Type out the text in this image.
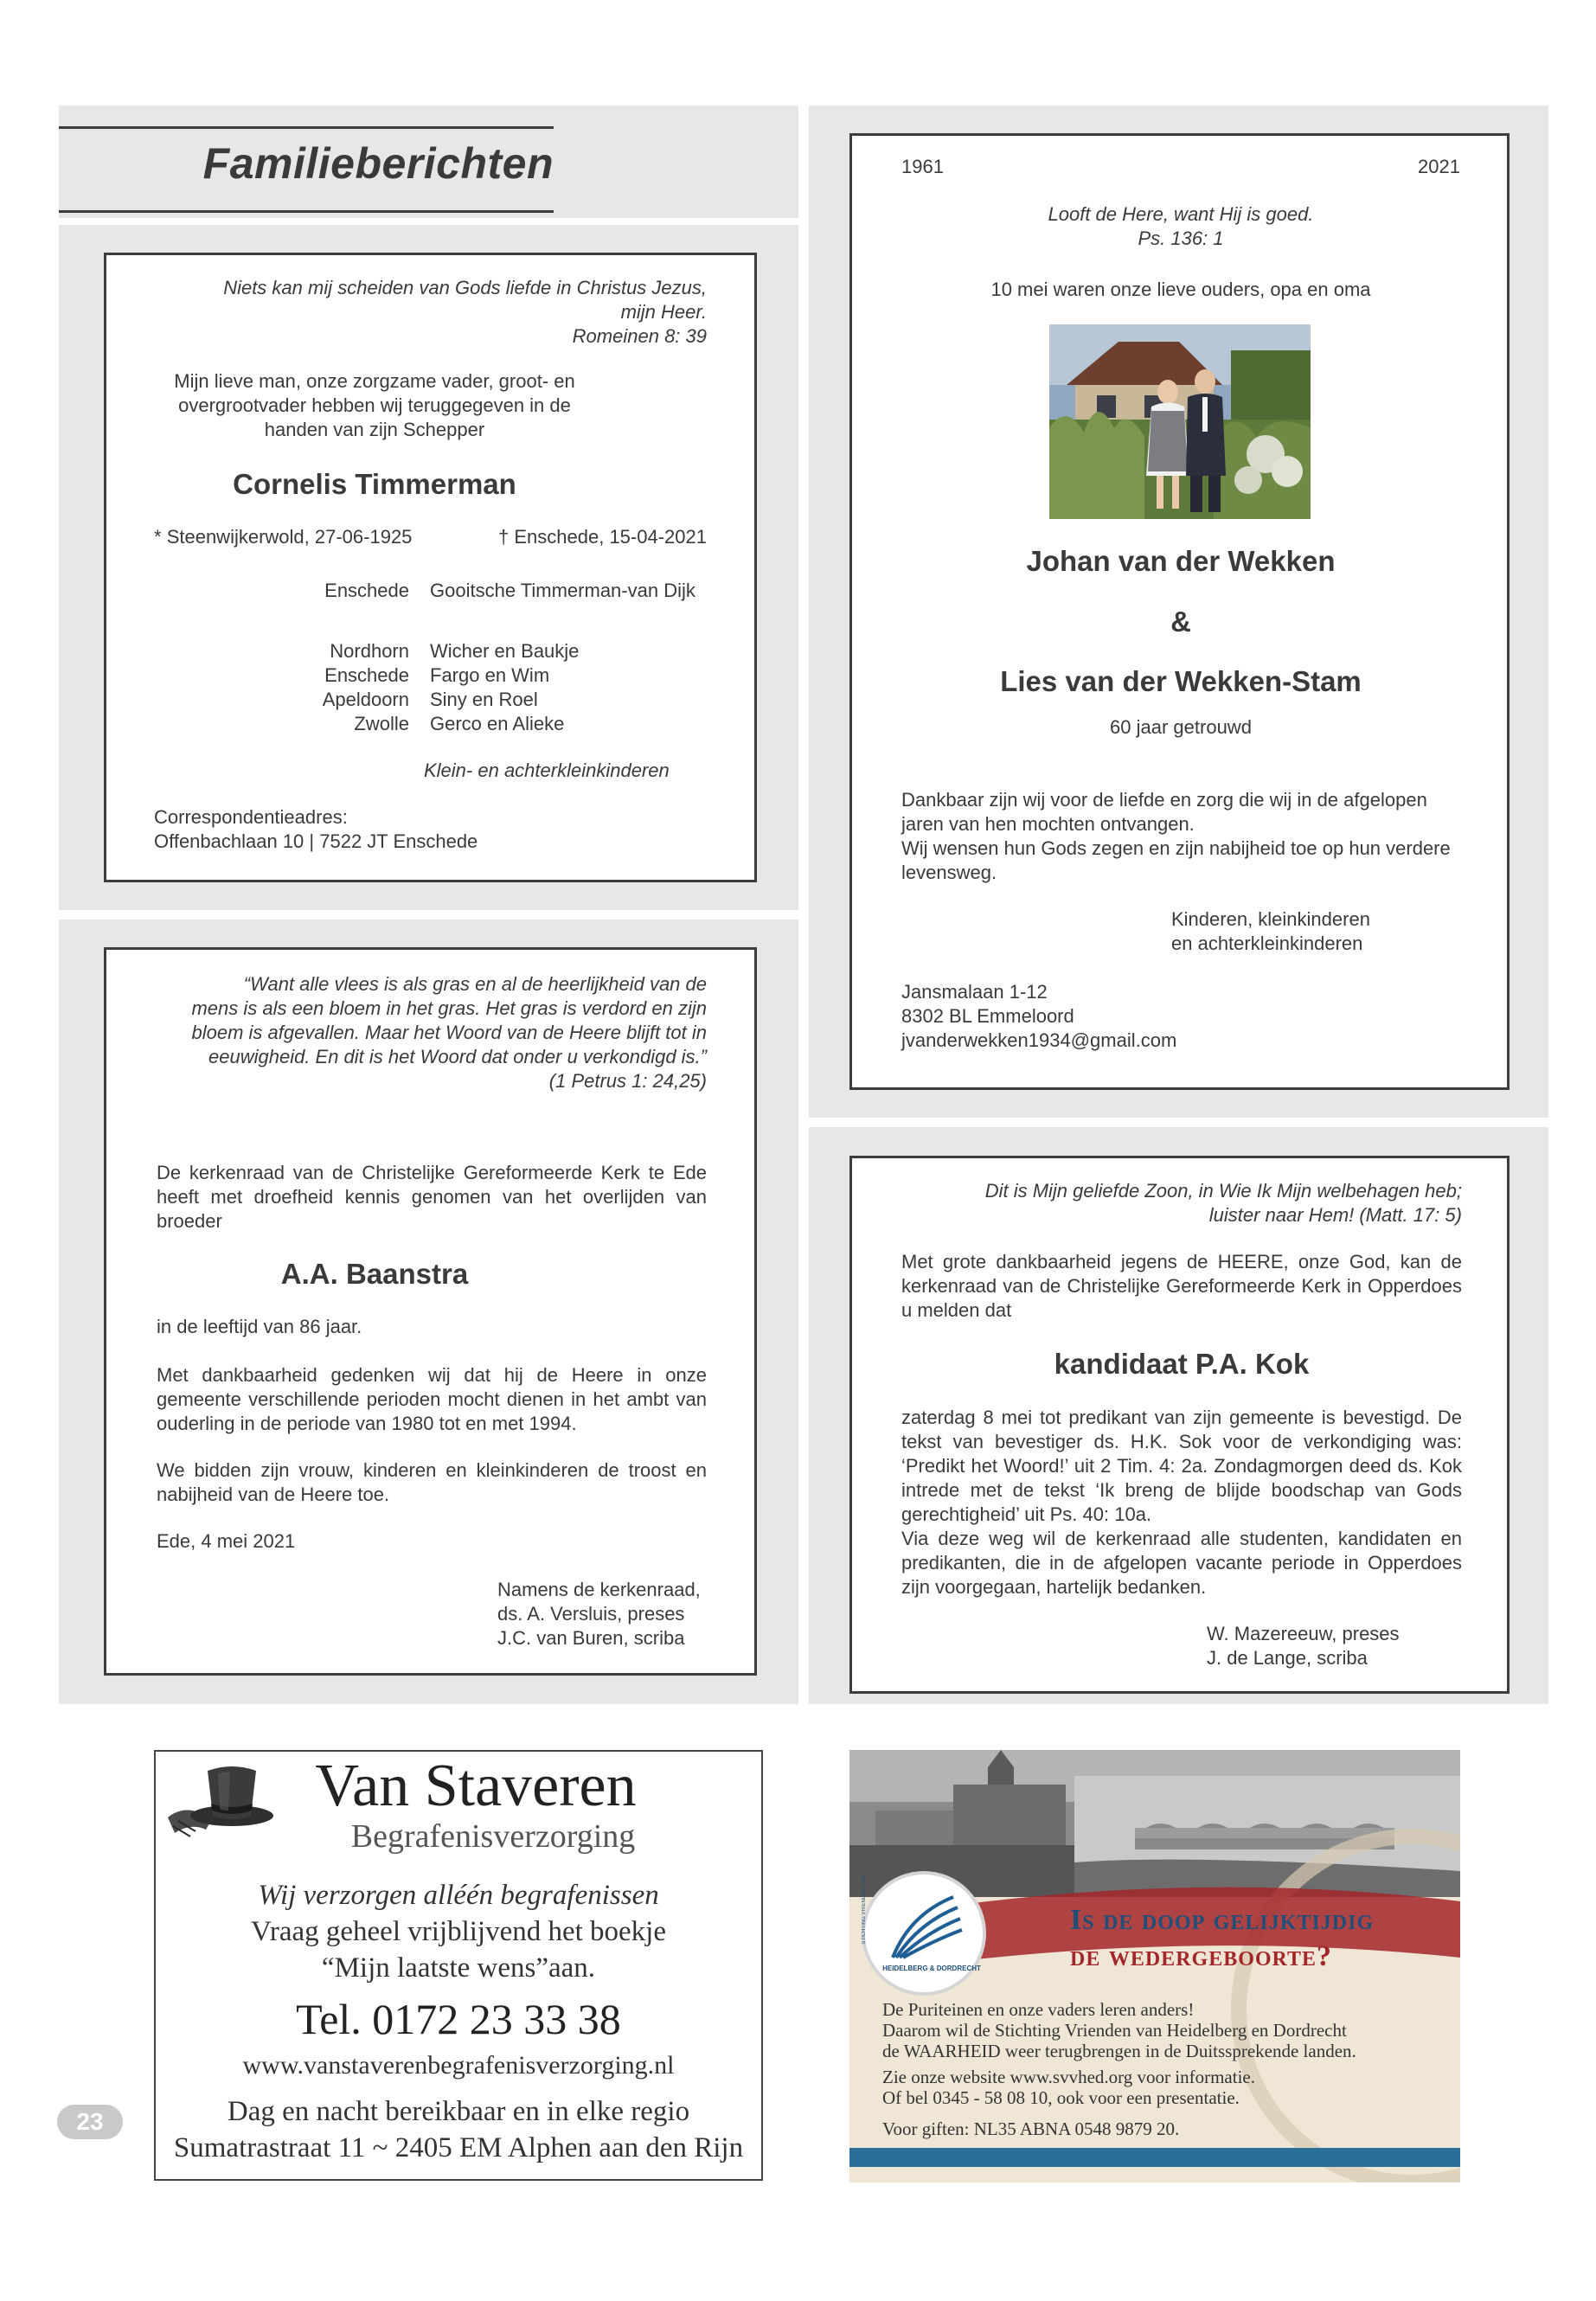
Familieberichten
Niets kan mij scheiden van Gods liefde in Christus Jezus,
mijn Heer.
Romeinen 8: 39
Mijn lieve man, onze zorgzame vader, groot- en
overgrootvader hebben wij teruggegeven in de
handen van zijn Schepper
Cornelis Timmerman
* Steenwijkerwold, 27-06-1925	† Enschede, 15-04-2021
Enschede Gooitsche Timmerman-van Dijk
Nordhorn Wicher en Baukje
Enschede Fargo en Wim
Apeldoorn Siny en Roel
Zwolle Gerco en Alieke
Klein- en achterkleinkinderen
Correspondentieadres:
Offenbachlaan 10 | 7522 JT Enschede
“Want alle vlees is als gras en al de heerlijkheid van de
mens is als een bloem in het gras. Het gras is verdord en zijn
bloem is afgevallen. Maar het Woord van de Heere blijft tot in
eeuwigheid. En dit is het Woord dat onder u verkondigd is.”
(1 Petrus 1: 24,25)
De kerkenraad van de Christelijke Gereformeerde Kerk te Ede heeft met droefheid kennis genomen van het overlijden van broeder
A.A. Baanstra
in de leeftijd van 86 jaar.
Met dankbaarheid gedenken wij dat hij de Heere in onze gemeente verschillende perioden mocht dienen in het ambt van ouderling in de periode van 1980 tot en met 1994.
We bidden zijn vrouw, kinderen en kleinkinderen de troost en nabijheid van de Heere toe.
Ede, 4 mei 2021
Namens de kerkenraad,
ds. A. Versluis, preses
J.C. van Buren, scriba
1961	2021
Looft de Here, want Hij is goed.
Ps. 136: 1
10 mei waren onze lieve ouders, opa en oma
Johan van der Wekken
&
Lies van der Wekken-Stam
60 jaar getrouwd
Dankbaar zijn wij voor de liefde en zorg die wij in de afgelopen
jaren van hen mochten ontvangen.
Wij wensen hun Gods zegen en zijn nabijheid toe op hun verdere
levensweg.
Kinderen, kleinkinderen
en achterkleinkinderen
Jansmalaan 1-12
8302 BL Emmeloord
jvanderwekken1934@gmail.com
Dit is Mijn geliefde Zoon, in Wie Ik Mijn welbehagen heb;
luister naar Hem! (Matt. 17: 5)
Met grote dankbaarheid jegens de HEERE, onze God, kan de kerkenraad van de Christelijke Gereformeerde Kerk in Opperdoes u melden dat
kandidaat P.A. Kok
zaterdag 8 mei tot predikant van zijn gemeente is bevestigd. De tekst van bevestiger ds. H.K. Sok voor de verkondiging was: ‘Predikt het Woord!’ uit 2 Tim. 4: 2a. Zondagmorgen deed ds. Kok intrede met de tekst ‘Ik breng de blijde boodschap van Gods gerechtigheid’ uit Ps. 40: 10a.
Via deze weg wil de kerkenraad alle studenten, kandidaten en predikanten, die in de afgelopen vacante periode in Opperdoes zijn voorgegaan, hartelijk bedanken.
W. Mazereeuw, preses
J. de Lange, scriba
Van Staveren
Begrafenisverzorging
Wij verzorgen alléén begrafenissen
Vraag geheel vrijblijvend het boekje
“Mijn laatste wens”aan.
Tel. 0172 23 33 38
www.vanstaverenbegrafenisverzorging.nl
Dag en nacht bereikbaar en in elke regio
Sumatrastraat 11 ~ 2405 EM Alphen aan den Rijn
23
HEIDELBERG & DORDRECHT
STICHTING VRIENDEN VAN	Is de doop gelijktijdig
de wedergeboorte?
De Puriteinen en onze vaders leren anders!
Daarom wil de Stichting Vrienden van Heidelberg en Dordrecht
de WAARHEID weer terugbrengen in de Duitssprekende landen.
Zie onze website www.svvhed.org voor informatie.
Of bel 0345 - 58 08 10, ook voor een presentatie.
Voor giften: NL35 ABNA 0548 9879 20.
